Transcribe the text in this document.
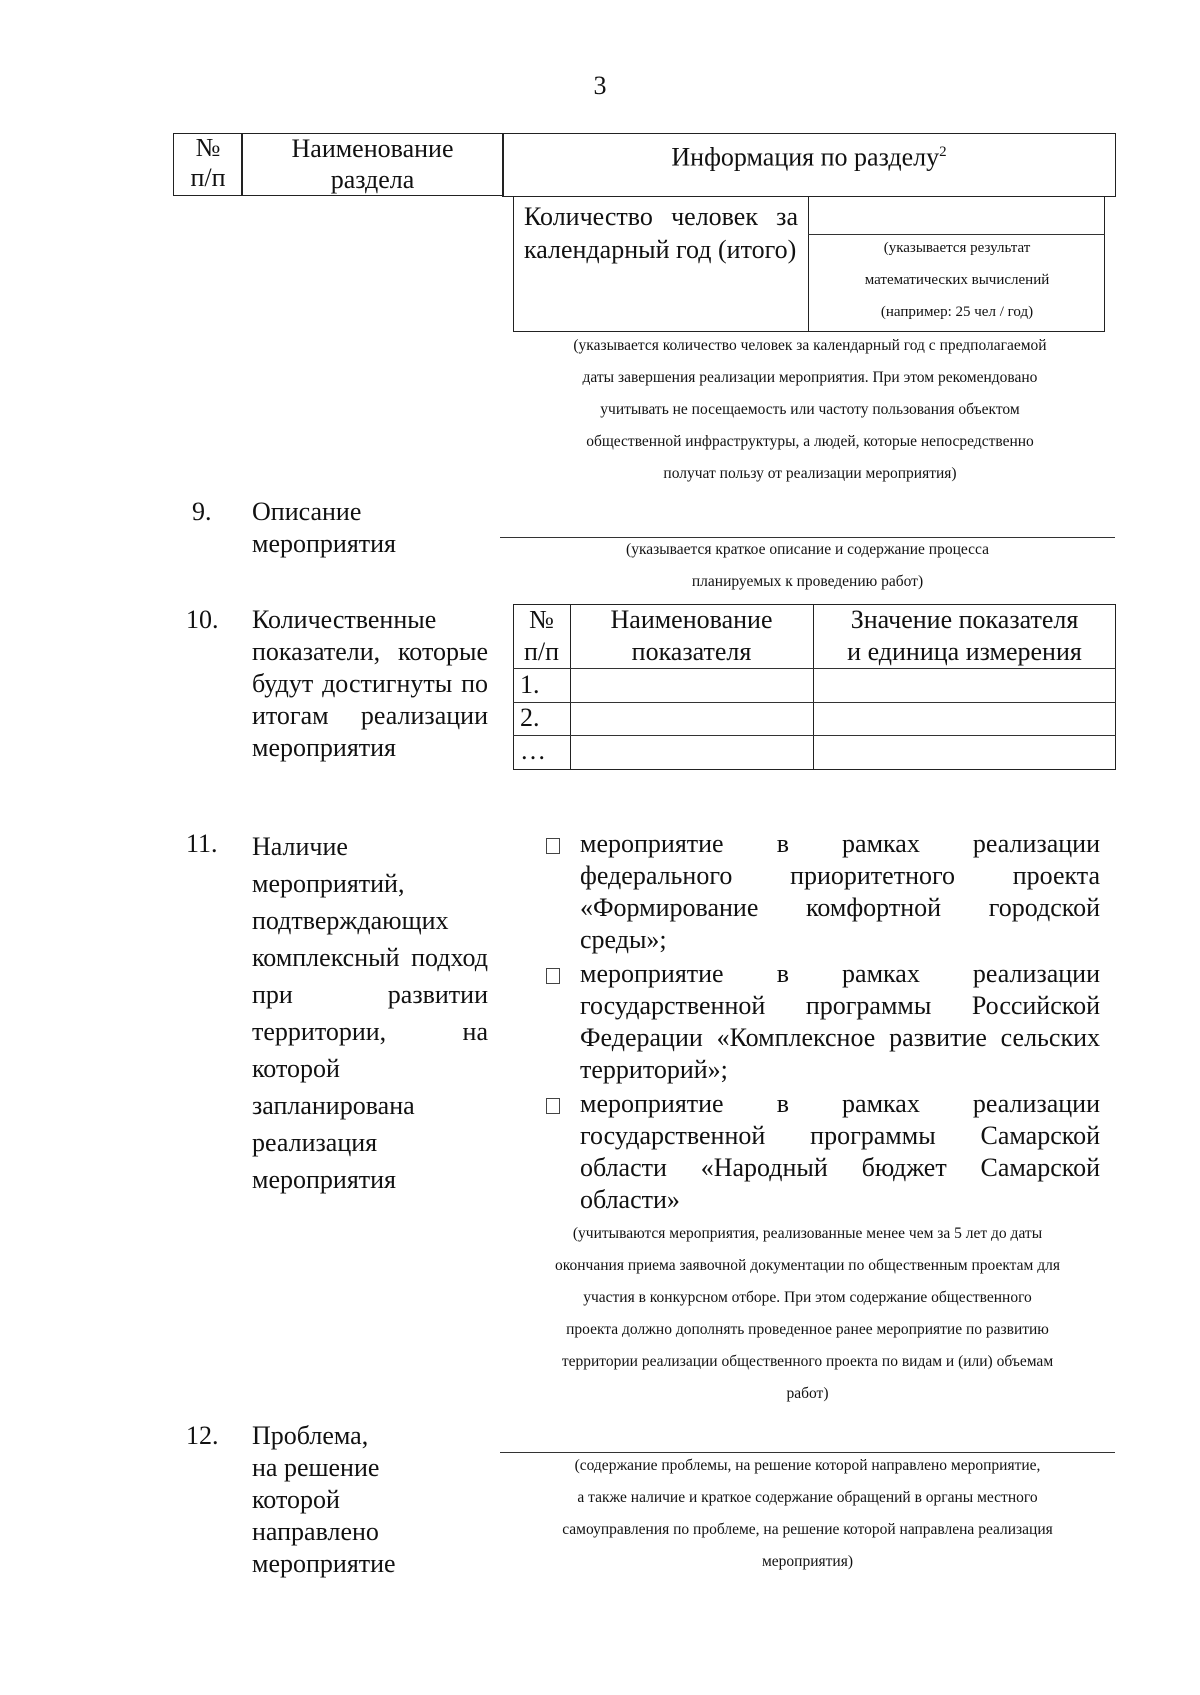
3
№
п/п
Наименование
раздела
Информация по разделу$^2$
Количество человек за календарный год (итого)	(указывается результат
математических вычислений
(например: 25 чел / год)
(указывается количество человек за календарный год с предполагаемой
даты завершения реализации мероприятия. При этом рекомендовано
учитывать не посещаемость или частоту пользования объектом
общественной инфраструктуры, а людей, которые непосредственно
получат пользу от реализации мероприятия)
9. Описание
мероприятия	(указывается краткое описание и содержание процесса
планируемых к проведению работ)
10. Количественные показатели, которые будут достигнуты по итогам реализации мероприятия
№
п/п
Наименование
показателя
Значение показателя
и единица измерения
1.
2.
…
11. Наличие мероприятий, подтверждающих комплексный подход при развитии территории, на которой запланирована реализация мероприятия
мероприятие в рамках реализации федерального приоритетного проекта «Формирование комфортной городской среды»;
мероприятие в рамках реализации государственной программы Российской Федерации «Комплексное развитие сельских территорий»;
мероприятие в рамках реализации государственной программы Самарской области «Народный бюджет Самарской области»
(учитываются мероприятия, реализованные менее чем за 5 лет до даты
окончания приема заявочной документации по общественным проектам для
участия в конкурсном отборе. При этом содержание общественного
проекта должно дополнять проведенное ранее мероприятие по развитию
территории реализации общественного проекта по видам и (или) объемам
работ)
12. Проблема,
на решение
которой
направлено
мероприятие
(содержание проблемы, на решение которой направлено мероприятие,
а также наличие и краткое содержание обращений в органы местного
самоуправления по проблеме, на решение которой направлена реализация
мероприятия)
